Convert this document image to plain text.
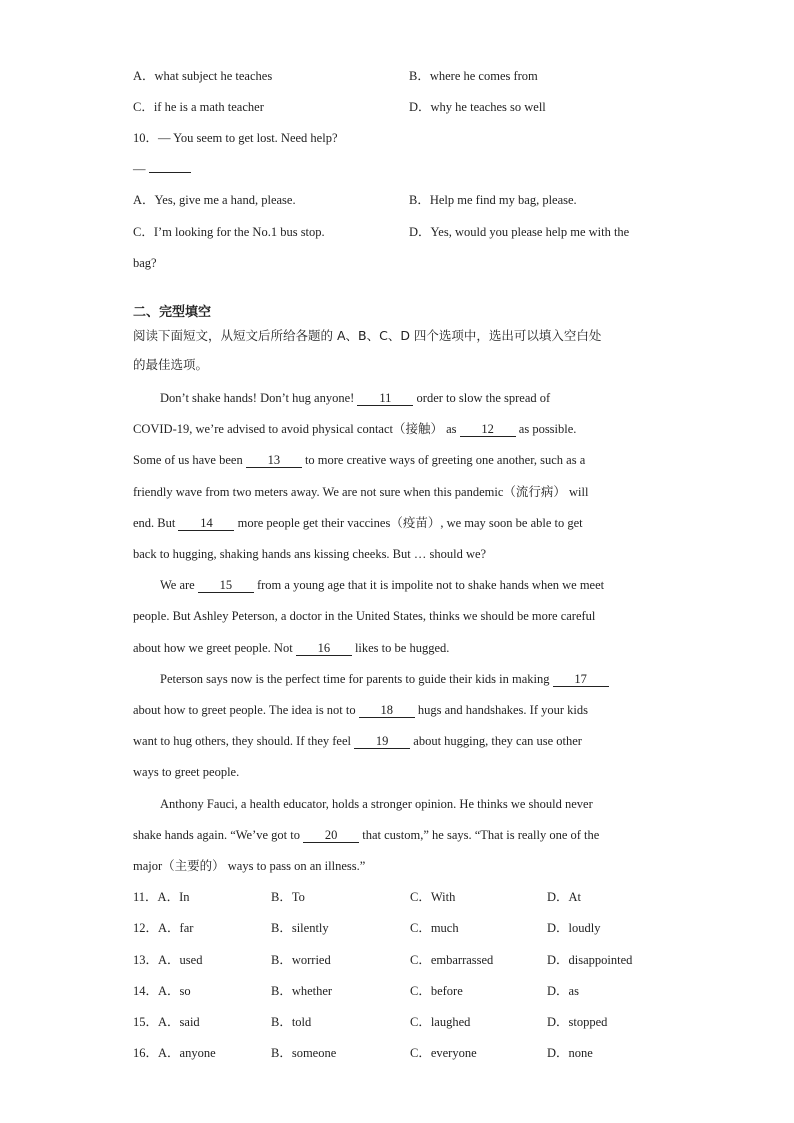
A．what subject he teaches	B．where he comes from
C．if he is a math teacher	D．why he teaches so well
10．— You seem to get lost. Need help?
—
A．Yes, give me a hand, please.	B．Help me find my bag, please.
C．I’m looking for the No.1 bus stop.	D．Yes, would you please help me with the
bag?
二、完型填空
阅读下面短文，从短文后所给各题的 A、B、C、D 四个选项中，选出可以填入空白处
的最佳选项。
Don’t shake hands! Don’t hug anyone! 11 order to slow the spread of
COVID-19, we’re advised to avoid physical contact（接触） as 12 as possible.
Some of us have been 13 to more creative ways of greeting one another, such as a
friendly wave from two meters away. We are not sure when this pandemic（流行病） will
end. But 14 more people get their vaccines（疫苗）, we may soon be able to get
back to hugging, shaking hands ans kissing cheeks. But … should we?
We are 15 from a young age that it is impolite not to shake hands when we meet
people. But Ashley Peterson, a doctor in the United States, thinks we should be more careful
about how we greet people. Not 16 likes to be hugged.
Peterson says now is the perfect time for parents to guide their kids in making 17
about how to greet people. The idea is not to 18 hugs and handshakes. If your kids
want to hug others, they should. If they feel 19 about hugging, they can use other
ways to greet people.
Anthony Fauci, a health educator, holds a stronger opinion. He thinks we should never
shake hands again. “We’ve got to 20 that custom,” he says. “That is really one of the
major（主要的） ways to pass on an illness.”
11．A．In	B．To	C．With	D．At
12．A．far	B．silently	C．much	D．loudly
13．A．used	B．worried	C．embarrassed	D．disappointed
14．A．so	B．whether	C．before	D．as
15．A．said	B．told	C．laughed	D．stopped
16．A．anyone	B．someone	C．everyone	D．none
